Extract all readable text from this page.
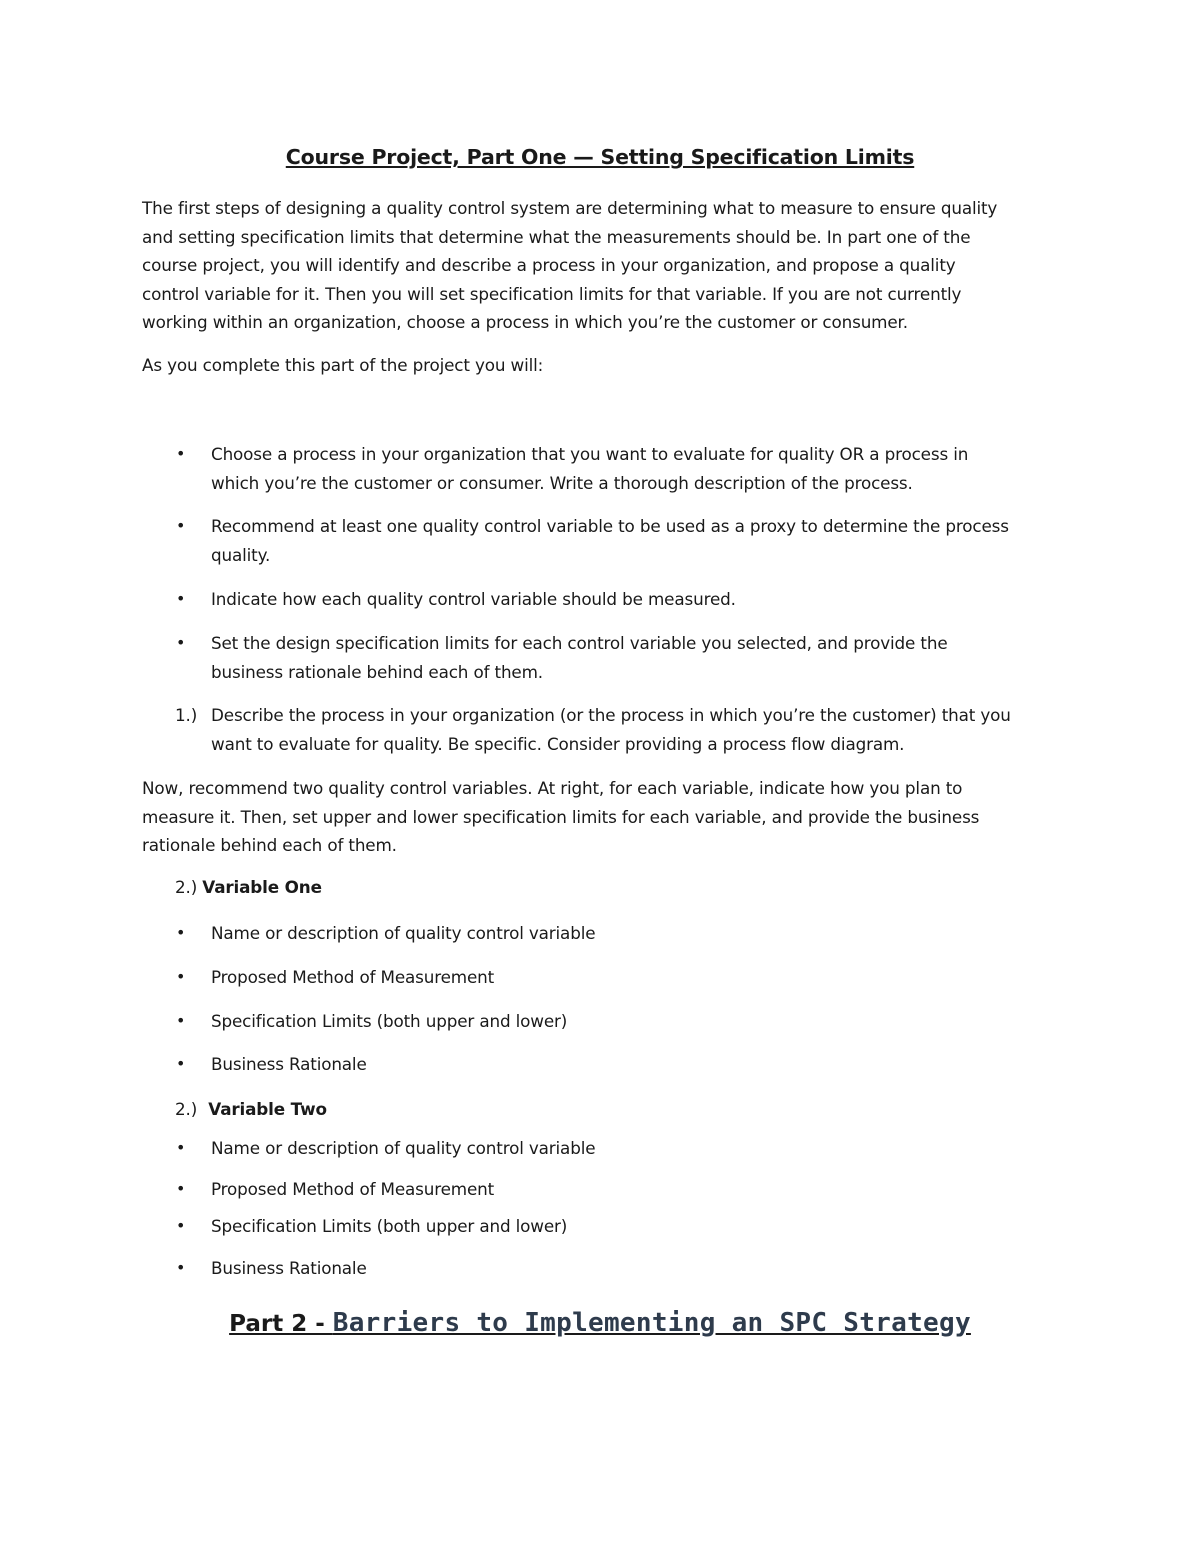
Course Project, Part One — Setting Specification Limits
The first steps of designing a quality control system are determining what to measure to ensure quality
and setting specification limits that determine what the measurements should be. In part one of the
course project, you will identify and describe a process in your organization, and propose a quality
control variable for it. Then you will set specification limits for that variable. If you are not currently
working within an organization, choose a process in which you’re the customer or consumer.

As you complete this part of the project you will:

• Choose a process in your organization that you want to evaluate for quality OR a process in
which you’re the customer or consumer. Write a thorough description of the process.
• Recommend at least one quality control variable to be used as a proxy to determine the process
quality.
• Indicate how each quality control variable should be measured.
• Set the design specification limits for each control variable you selected, and provide the
business rationale behind each of them.
1.) Describe the process in your organization (or the process in which you’re the customer) that you
want to evaluate for quality. Be specific. Consider providing a process flow diagram.
Now, recommend two quality control variables. At right, for each variable, indicate how you plan to
measure it. Then, set upper and lower specification limits for each variable, and provide the business
rationale behind each of them.
2.) Variable One
• Name or description of quality control variable
• Proposed Method of Measurement
• Specification Limits (both upper and lower)
• Business Rationale
2.) Variable Two
• Name or description of quality control variable
• Proposed Method of Measurement
• Specification Limits (both upper and lower)
• Business Rationale
Part 2 - Barriers to Implementing an SPC Strategy
